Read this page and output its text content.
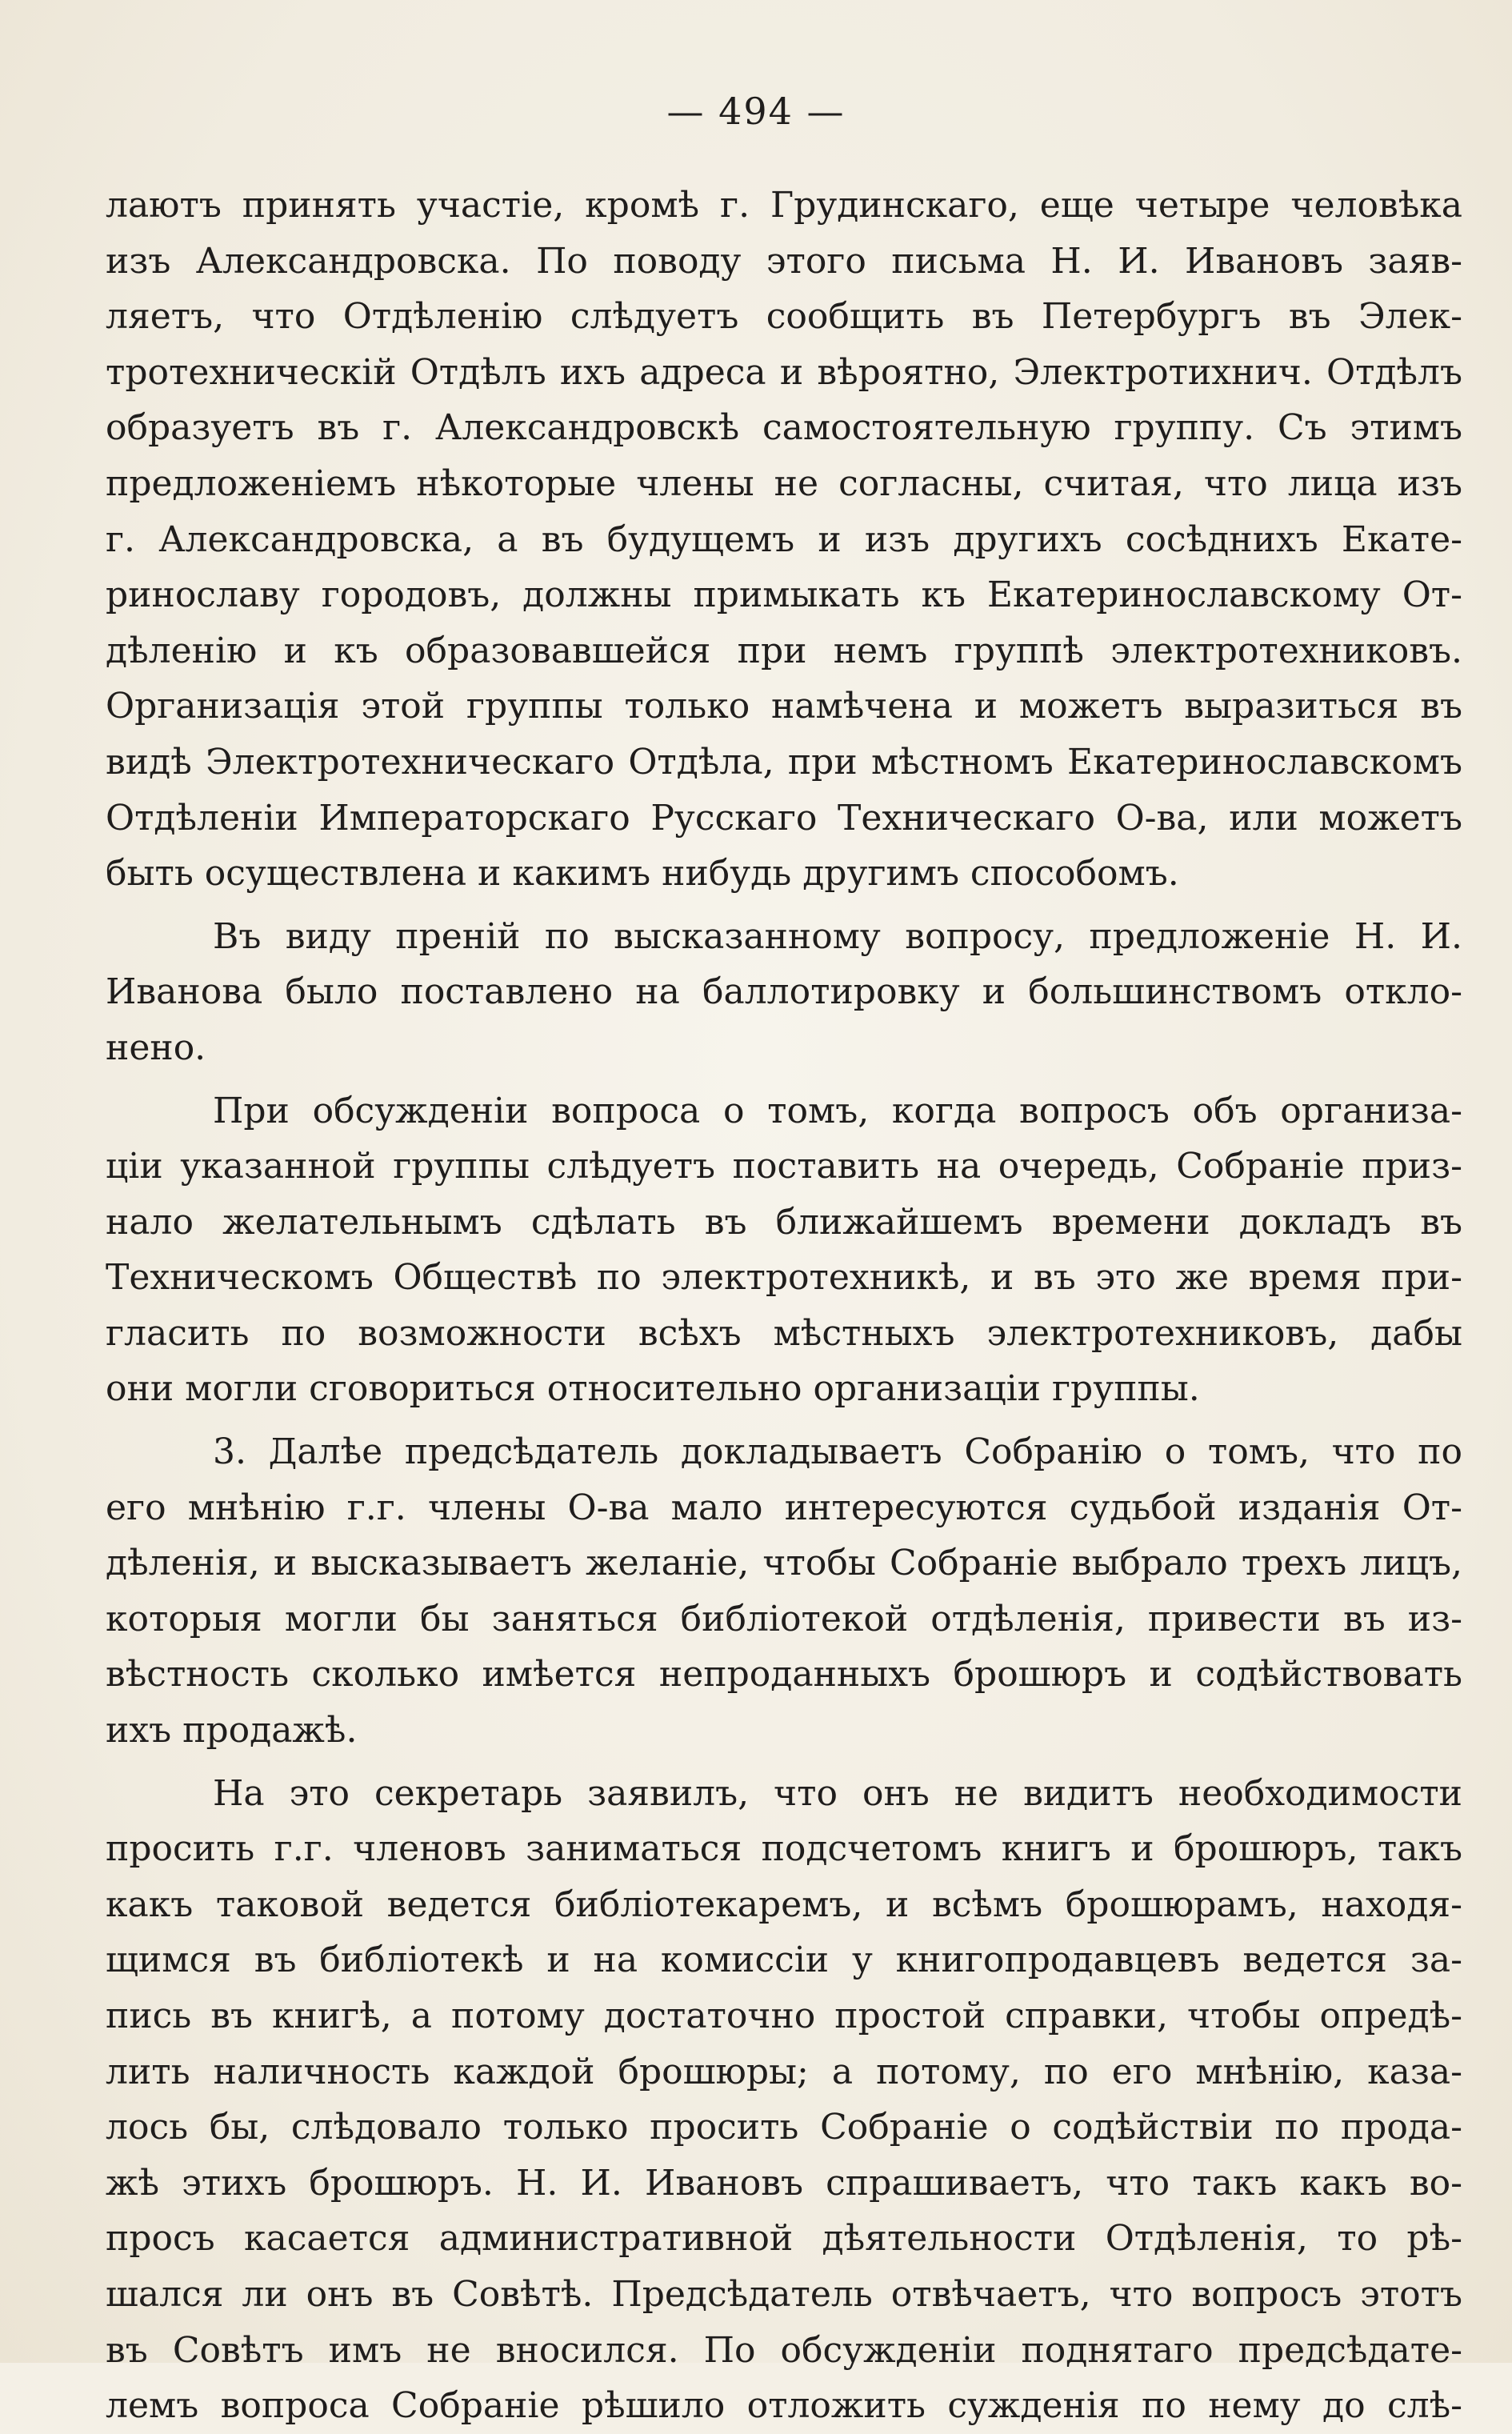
— 494 —
лаютъ принять участіе, кромѣ г. Грудинскаго, еще четыре человѣка
изъ Александровска. По поводу этого письма Н. И. Ивановъ заяв-
ляетъ, что Отдѣленію слѣдуетъ сообщить въ Петербургъ въ Элек-
тротехническій Отдѣлъ ихъ адреса и вѣроятно, Электротихнич. Отдѣлъ
образуетъ въ г. Александровскѣ самостоятельную группу. Съ этимъ
предложеніемъ нѣкоторые члены не согласны, считая, что лица изъ
г. Александровска, а въ будущемъ и изъ другихъ сосѣднихъ Екате-
ринославу городовъ, должны примыкать къ Екатеринославскому От-
дѣленію и къ образовавшейся при немъ группѣ электротехниковъ.
Организація этой группы только намѣчена и можетъ выразиться въ
видѣ Электротехническаго Отдѣла, при мѣстномъ Екатеринославскомъ
Отдѣленіи Императорскаго Русскаго Техническаго О-ва, или можетъ
быть осуществлена и какимъ нибудь другимъ способомъ.
Въ виду преній по высказанному вопросу, предложеніе Н. И.
Иванова было поставлено на баллотировку и большинствомъ откло-
нено.
При обсужденіи вопроса о томъ, когда вопросъ объ организа-
ціи указанной группы слѣдуетъ поставить на очередь, Собраніе приз-
нало желательнымъ сдѣлать въ ближайшемъ времени докладъ въ
Техническомъ Обществѣ по электротехникѣ, и въ это же время при-
гласить по возможности всѣхъ мѣстныхъ электротехниковъ, дабы
они могли сговориться относительно организаціи группы.
3. Далѣе предсѣдатель докладываетъ Собранію о томъ, что по
его мнѣнію г.г. члены О-ва мало интересуются судьбой изданія От-
дѣленія, и высказываетъ желаніе, чтобы Собраніе выбрало трехъ лицъ,
которыя могли бы заняться библіотекой отдѣленія, привести въ из-
вѣстность сколько имѣется непроданныхъ брошюръ и содѣйствовать
ихъ продажѣ.
На это секретарь заявилъ, что онъ не видитъ необходимости
просить г.г. членовъ заниматься подсчетомъ книгъ и брошюръ, такъ
какъ таковой ведется библіотекаремъ, и всѣмъ брошюрамъ, находя-
щимся въ библіотекѣ и на комиссіи у книгопродавцевъ ведется за-
пись въ книгѣ, а потому достаточно простой справки, чтобы опредѣ-
лить наличность каждой брошюры; а потому, по его мнѣнію, каза-
лось бы, слѣдовало только просить Собраніе о содѣйствіи по прода-
жѣ этихъ брошюръ. Н. И. Ивановъ спрашиваетъ, что такъ какъ во-
просъ касается административной дѣятельности Отдѣленія, то рѣ-
шался ли онъ въ Совѣтѣ. Предсѣдатель отвѣчаетъ, что вопросъ этотъ
въ Совѣтъ имъ не вносился. По обсужденіи поднятаго предсѣдате-
лемъ вопроса Собраніе рѣшило отложить сужденія по нему до слѣ-
